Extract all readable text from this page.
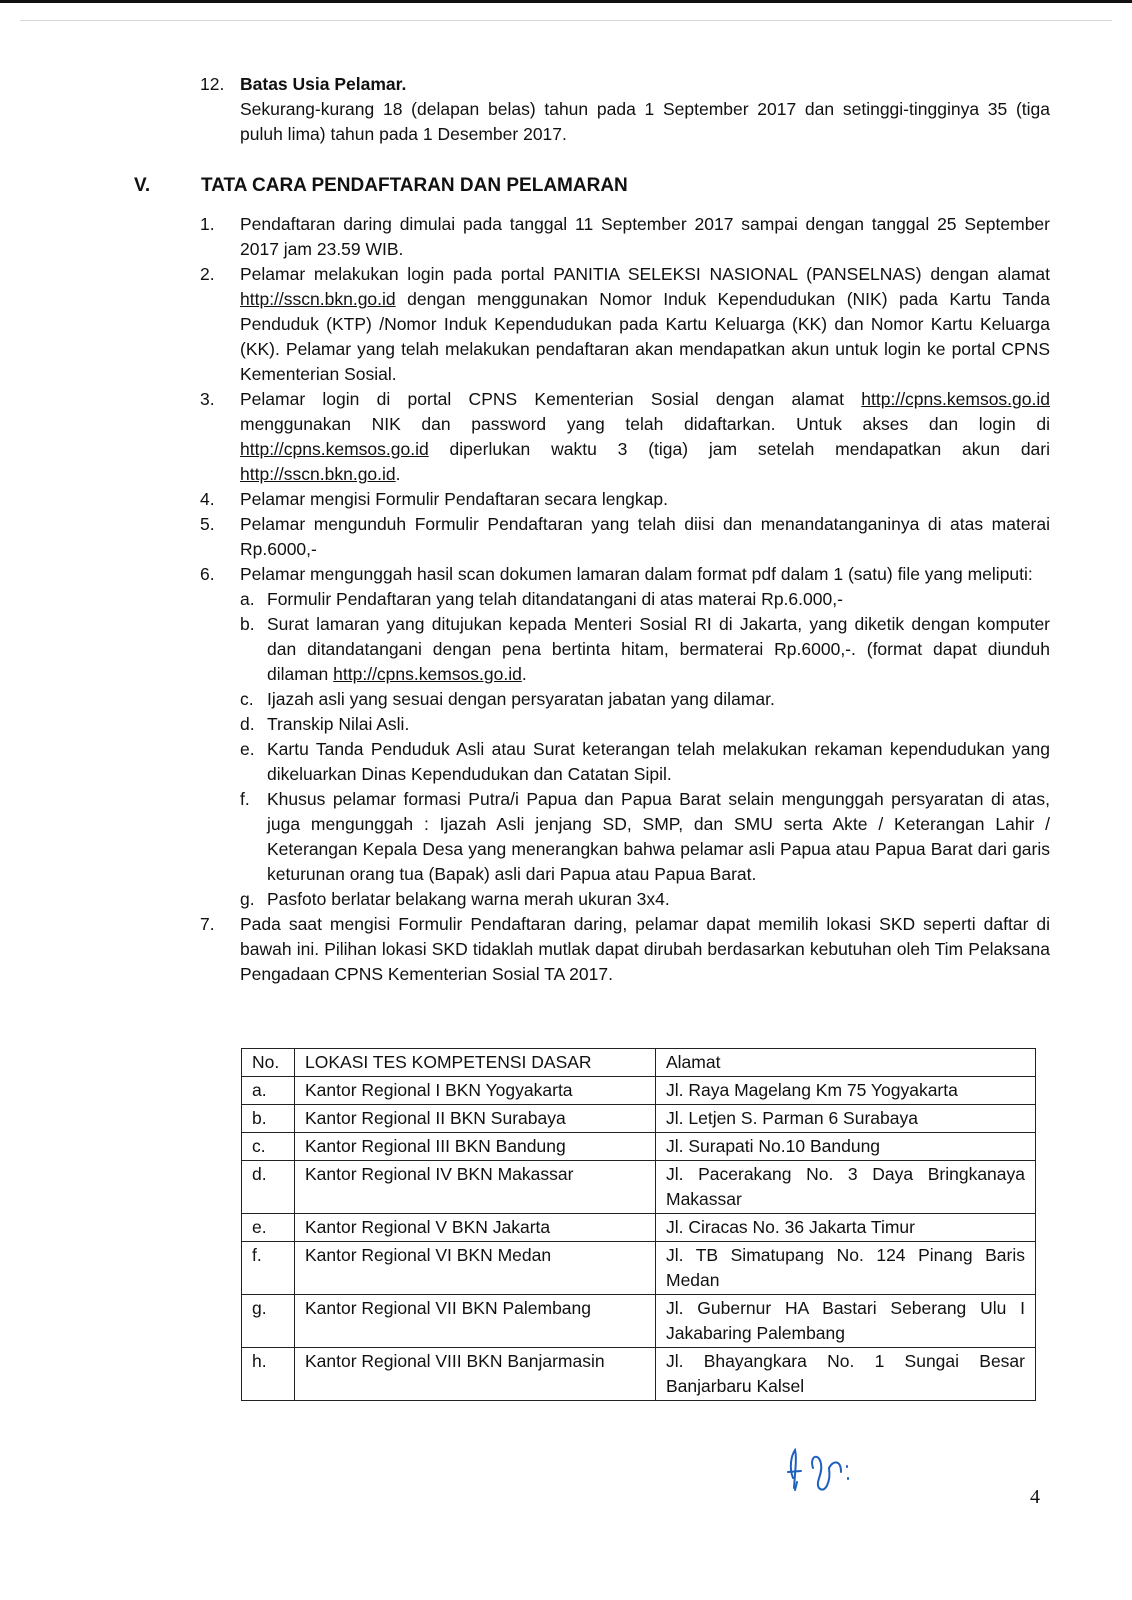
12. Batas Usia Pelamar.
Sekurang-kurang 18 (delapan belas) tahun pada 1 September 2017 dan setinggi-tingginya 35 (tiga puluh lima) tahun pada 1 Desember 2017.
V.	TATA CARA PENDAFTARAN DAN PELAMARAN
1.	Pendaftaran daring dimulai pada tanggal 11 September 2017 sampai dengan tanggal 25 September 2017 jam 23.59 WIB.
2.	Pelamar melakukan login pada portal PANITIA SELEKSI NASIONAL (PANSELNAS) dengan alamat http://sscn.bkn.go.id dengan menggunakan Nomor Induk Kependudukan (NIK) pada Kartu Tanda Penduduk (KTP) /Nomor Induk Kependudukan pada Kartu Keluarga (KK) dan Nomor Kartu Keluarga (KK). Pelamar yang telah melakukan pendaftaran akan mendapatkan akun untuk login ke portal CPNS Kementerian Sosial.
3.	Pelamar login di portal CPNS Kementerian Sosial dengan alamat http://cpns.kemsos.go.id menggunakan NIK dan password yang telah didaftarkan. Untuk akses dan login di http://cpns.kemsos.go.id diperlukan waktu 3 (tiga) jam setelah mendapatkan akun dari http://sscn.bkn.go.id.
4.	Pelamar mengisi Formulir Pendaftaran secara lengkap.
5.	Pelamar mengunduh Formulir Pendaftaran yang telah diisi dan menandatanganinya di atas materai Rp.6000,-
6.	Pelamar mengunggah hasil scan dokumen lamaran dalam format pdf dalam 1 (satu) file yang meliputi:
a. Formulir Pendaftaran yang telah ditandatangani di atas materai Rp.6.000,-
b. Surat lamaran yang ditujukan kepada Menteri Sosial RI di Jakarta, yang diketik dengan komputer dan ditandatangani dengan pena bertinta hitam, bermaterai Rp.6000,-. (format dapat diunduh dilaman http://cpns.kemsos.go.id.
c. Ijazah asli yang sesuai dengan persyaratan jabatan yang dilamar.
d. Transkip Nilai Asli.
e. Kartu Tanda Penduduk Asli atau Surat keterangan telah melakukan rekaman kependudukan yang dikeluarkan Dinas Kependudukan dan Catatan Sipil.
f. Khusus pelamar formasi Putra/i Papua dan Papua Barat selain mengunggah persyaratan di atas, juga mengunggah : Ijazah Asli jenjang SD, SMP, dan SMU serta Akte / Keterangan Lahir / Keterangan Kepala Desa yang menerangkan bahwa pelamar asli Papua atau Papua Barat dari garis keturunan orang tua (Bapak) asli dari Papua atau Papua Barat.
g. Pasfoto berlatar belakang warna merah ukuran 3x4.
7.	Pada saat mengisi Formulir Pendaftaran daring, pelamar dapat memilih lokasi SKD seperti daftar di bawah ini. Pilihan lokasi SKD tidaklah mutlak dapat dirubah berdasarkan kebutuhan oleh Tim Pelaksana Pengadaan CPNS Kementerian Sosial TA 2017.
No.	LOKASI TES KOMPETENSI DASAR	Alamat
a.	Kantor Regional I BKN Yogyakarta	Jl. Raya Magelang Km 75 Yogyakarta
b.	Kantor Regional II BKN Surabaya	Jl. Letjen S. Parman 6 Surabaya
c.	Kantor Regional III BKN Bandung	Jl. Surapati No.10 Bandung
d.	Kantor Regional IV BKN Makassar	Jl. Pacerakang No. 3 Daya Bringkanaya Makassar
e.	Kantor Regional V BKN Jakarta	Jl. Ciracas No. 36 Jakarta Timur
f.	Kantor Regional VI BKN Medan	Jl. TB Simatupang No. 124 Pinang Baris Medan
g.	Kantor Regional VII BKN Palembang	Jl. Gubernur HA Bastari Seberang Ulu I Jakabaring Palembang
h.	Kantor Regional VIII BKN Banjarmasin	Jl. Bhayangkara No. 1 Sungai Besar Banjarbaru Kalsel
4
